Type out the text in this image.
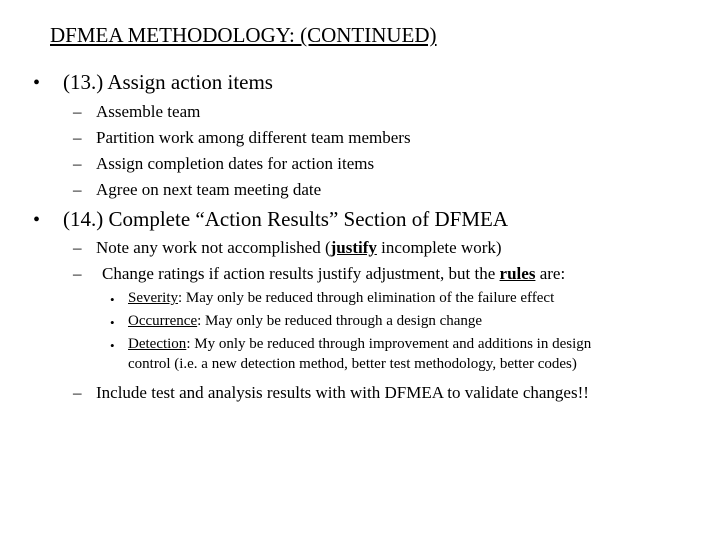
DFMEA METHODOLOGY: (CONTINUED)
• (13.) Assign action items
– Assemble team
– Partition work among different team members
– Assign completion dates for action items
– Agree on next team meeting date
• (14.) Complete “Action Results” Section of DFMEA
– Note any work not accomplished (justify incomplete work)
– Change ratings if action results justify adjustment, but the rules are:
• Severity: May only be reduced through elimination of the failure effect
• Occurrence: May only be reduced through a design change
• Detection: My only be reduced through improvement and additions in design
control (i.e. a new detection method, better test methodology, better codes)
– Include test and analysis results with with DFMEA to validate changes!!
